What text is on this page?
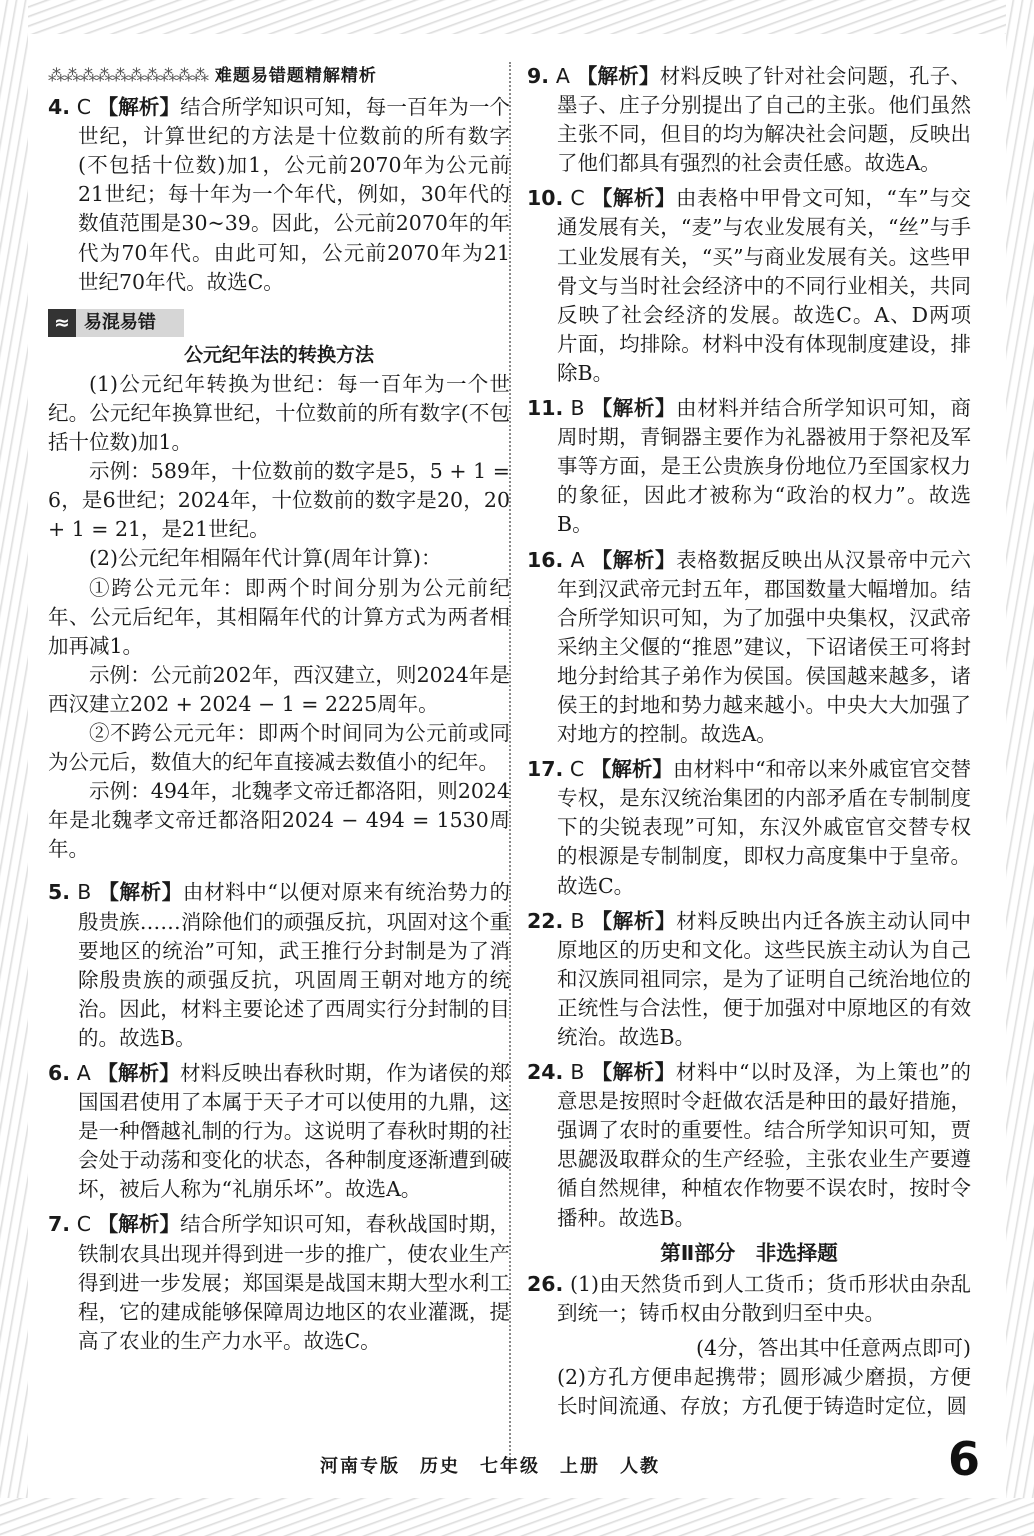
⁂⁂⁂⁂⁂⁂⁂⁂⁂⁂ 难题易错题精解精析
4. C 【解析】结合所学知识可知，每一百年为一个世纪，计算世纪的方法是十位数前的所有数字(不包括十位数)加1，公元前2070年为公元前21世纪；每十年为一个年代，例如，30年代的数值范围是30~39。因此，公元前2070年的年代为70年代。由此可知，公元前2070年为21世纪70年代。故选C。
≈ 易混易错
公元纪年法的转换方法

(1)公元纪年转换为世纪：每一百年为一个世纪。公元纪年换算世纪，十位数前的所有数字(不包括十位数)加1。

示例：589年，十位数前的数字是5，5 + 1 = 6，是6世纪；2024年，十位数前的数字是20，20 + 1 = 21，是21世纪。

(2)公元纪年相隔年代计算(周年计算)：

①跨公元元年：即两个时间分别为公元前纪年、公元后纪年，其相隔年代的计算方式为两者相加再减1。

示例：公元前202年，西汉建立，则2024年是西汉建立202 + 2024 − 1 = 2225周年。

②不跨公元元年：即两个时间同为公元前或同为公元后，数值大的纪年直接减去数值小的纪年。

示例：494年，北魏孝文帝迁都洛阳，则2024年是北魏孝文帝迁都洛阳2024 − 494 = 1530周年。

5. B 【解析】由材料中“以便对原来有统治势力的殷贵族……消除他们的顽强反抗，巩固对这个重要地区的统治”可知，武王推行分封制是为了消除殷贵族的顽强反抗，巩固周王朝对地方的统治。因此，材料主要论述了西周实行分封制的目的。故选B。
6. A 【解析】材料反映出春秋时期，作为诸侯的郑国国君使用了本属于天子才可以使用的九鼎，这是一种僭越礼制的行为。这说明了春秋时期的社会处于动荡和变化的状态，各种制度逐渐遭到破坏，被后人称为“礼崩乐坏”。故选A。
7. C 【解析】结合所学知识可知，春秋战国时期，铁制农具出现并得到进一步的推广，使农业生产得到进一步发展；郑国渠是战国末期大型水利工程，它的建成能够保障周边地区的农业灌溉，提高了农业的生产力水平。故选C。
9. A 【解析】材料反映了针对社会问题，孔子、墨子、庄子分别提出了自己的主张。他们虽然主张不同，但目的均为解决社会问题，反映出了他们都具有强烈的社会责任感。故选A。
10. C 【解析】由表格中甲骨文可知，“车”与交通发展有关，“麦”与农业发展有关，“丝”与手工业发展有关，“买”与商业发展有关。这些甲骨文与当时社会经济中的不同行业相关，共同反映了社会经济的发展。故选C。A、D两项片面，均排除。材料中没有体现制度建设，排除B。
11. B 【解析】由材料并结合所学知识可知，商周时期，青铜器主要作为礼器被用于祭祀及军事等方面，是王公贵族身份地位乃至国家权力的象征，因此才被称为“政治的权力”。故选B。
16. A 【解析】表格数据反映出从汉景帝中元六年到汉武帝元封五年，郡国数量大幅增加。结合所学知识可知，为了加强中央集权，汉武帝采纳主父偃的“推恩”建议，下诏诸侯王可将封地分封给其子弟作为侯国。侯国越来越多，诸侯王的封地和势力越来越小。中央大大加强了对地方的控制。故选A。
17. C 【解析】由材料中“和帝以来外戚宦官交替专权，是东汉统治集团的内部矛盾在专制制度下的尖锐表现”可知，东汉外戚宦官交替专权的根源是专制制度，即权力高度集中于皇帝。故选C。
22. B 【解析】材料反映出内迁各族主动认同中原地区的历史和文化。这些民族主动认为自己和汉族同祖同宗，是为了证明自己统治地位的正统性与合法性，便于加强对中原地区的有效统治。故选B。
24. B 【解析】材料中“以时及泽，为上策也”的意思是按照时令赶做农活是种田的最好措施，强调了农时的重要性。结合所学知识可知，贾思勰汲取群众的生产经验，主张农业生产要遵循自然规律，种植农作物要不误农时，按时令播种。故选B。
第Ⅱ部分　非选择题
26. (1)由天然货币到人工货币；货币形状由杂乱到统一；铸币权由分散到归至中央。
(4分，答出其中任意两点即可)
(2)方孔方便串起携带；圆形减少磨损，方便长时间流通、存放；方孔便于铸造时定位，圆
河南专版　历史　七年级　上册　人教	6
